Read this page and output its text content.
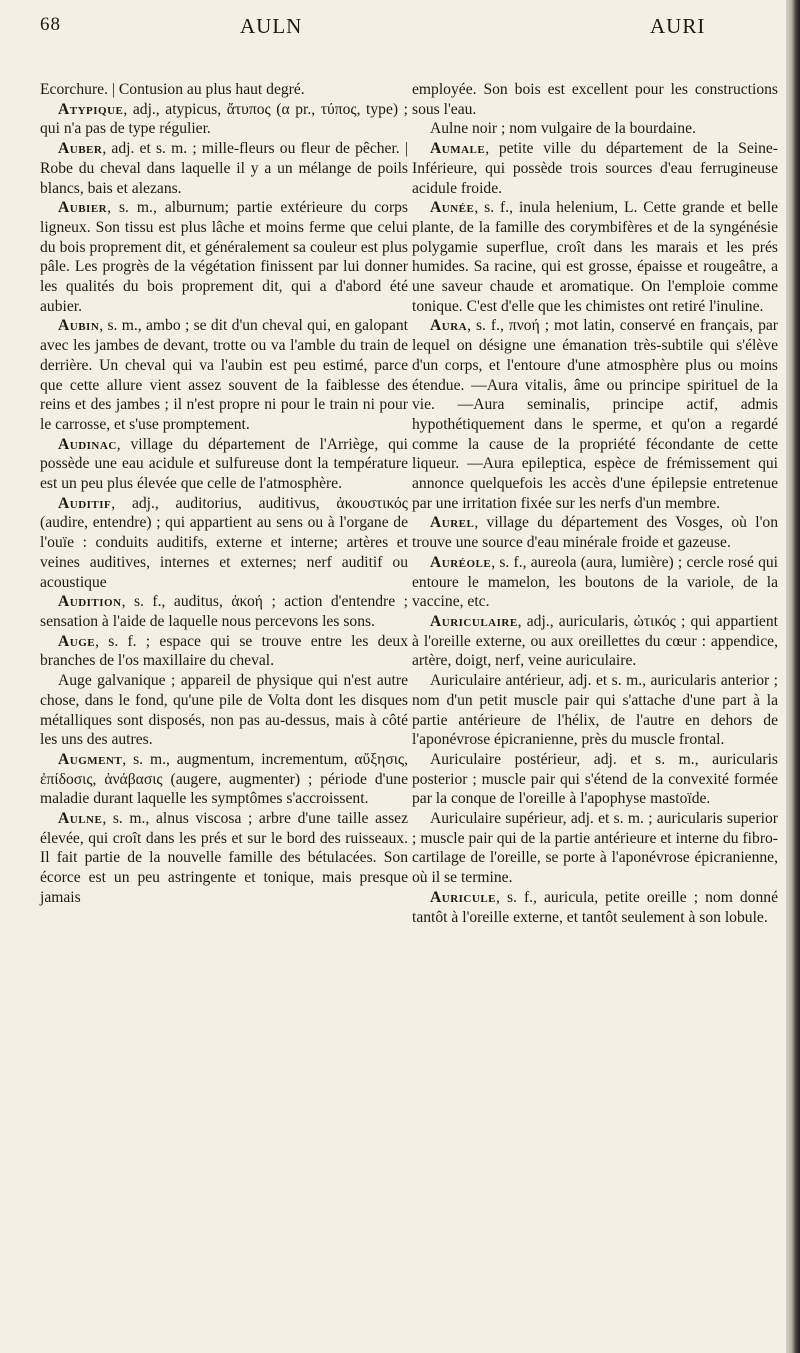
68	AULN	AURI

Ecorchure. | Contusion au plus haut degré.

Atypique, adj., atypicus, ἄτυπος (α pr., τύπος, type) ; qui n'a pas de type régulier.

Auber, adj. et s. m. ; mille-fleurs ou fleur de pêcher. | Robe du cheval dans laquelle il y a un mélange de poils blancs, bais et alezans.

Aubier, s. m., alburnum; partie extérieure du corps ligneux. Son tissu est plus lâche et moins ferme que celui du bois proprement dit, et généralement sa couleur est plus pâle. Les progrès de la végétation finissent par lui donner les qualités du bois proprement dit, qui a d'abord été aubier.

Aubin, s. m., ambo ; se dit d'un cheval qui, en galopant avec les jambes de devant, trotte ou va l'amble du train de derrière. Un cheval qui va l'aubin est peu estimé, parce que cette allure vient assez souvent de la faiblesse des reins et des jambes ; il n'est propre ni pour le train ni pour le carrosse, et s'use promptement.

Audinac, village du département de l'Arriège, qui possède une eau acidule et sulfureuse dont la température est un peu plus élevée que celle de l'atmosphère.

Auditif, adj., auditorius, auditivus, ἀκουστικός (audire, entendre) ; qui appartient au sens ou à l'organe de l'ouïe : conduits auditifs, externe et interne; artères et veines auditives, internes et externes; nerf auditif ou acoustique

Audition, s. f., auditus, ἀκοή ; action d'entendre ; sensation à l'aide de laquelle nous percevons les sons.

Auge, s. f. ; espace qui se trouve entre les deux branches de l'os maxillaire du cheval.

Auge galvanique ; appareil de physique qui n'est autre chose, dans le fond, qu'une pile de Volta dont les disques métalliques sont disposés, non pas au-dessus, mais à côté les uns des autres.

Augment, s. m., augmentum, incrementum, αὔξησις, ἐπίδοσις, ἀνάβασις (augere, augmenter) ; période d'une maladie durant laquelle les symptômes s'accroissent.

Aulne, s. m., alnus viscosa ; arbre d'une taille assez élevée, qui croît dans les prés et sur le bord des ruisseaux. Il fait partie de la nouvelle famille des bétulacées. Son écorce est un peu astringente et tonique, mais presque jamais

employée. Son bois est excellent pour les constructions sous l'eau.

Aulne noir ; nom vulgaire de la bourdaine.

Aumale, petite ville du département de la Seine-Inférieure, qui possède trois sources d'eau ferrugineuse acidule froide.

Aunée, s. f., inula helenium, L. Cette grande et belle plante, de la famille des corymbifères et de la syngénésie polygamie superflue, croît dans les marais et les prés humides. Sa racine, qui est grosse, épaisse et rougeâtre, a une saveur chaude et aromatique. On l'emploie comme tonique. C'est d'elle que les chimistes ont retiré l'inuline.

Aura, s. f., πνοή ; mot latin, conservé en français, par lequel on désigne une émanation très-subtile qui s'élève d'un corps, et l'entoure d'une atmosphère plus ou moins étendue. —Aura vitalis, âme ou principe spirituel de la vie. —Aura seminalis, principe actif, admis hypothétiquement dans le sperme, et qu'on a regardé comme la cause de la propriété fécondante de cette liqueur. —Aura epileptica, espèce de frémissement qui annonce quelquefois les accès d'une épilepsie entretenue par une irritation fixée sur les nerfs d'un membre.

Aurel, village du département des Vosges, où l'on trouve une source d'eau minérale froide et gazeuse.

Auréole, s. f., aureola (aura, lumière) ; cercle rosé qui entoure le mamelon, les boutons de la variole, de la vaccine, etc.

Auriculaire, adj., auricularis, ὠτικός ; qui appartient à l'oreille externe, ou aux oreillettes du cœur : appendice, artère, doigt, nerf, veine auriculaire.

Auriculaire antérieur, adj. et s. m., auricularis anterior ; nom d'un petit muscle pair qui s'attache d'une part à la partie antérieure de l'hélix, de l'autre en dehors de l'aponévrose épicranienne, près du muscle frontal.

Auriculaire postérieur, adj. et s. m., auricularis posterior ; muscle pair qui s'étend de la convexité formée par la conque de l'oreille à l'apophyse mastoïde.

Auriculaire supérieur, adj. et s. m. ; auricularis superior ; muscle pair qui de la partie antérieure et interne du fibro-cartilage de l'oreille, se porte à l'aponévrose épicranienne, où il se termine.

Auricule, s. f., auricula, petite oreille ; nom donné tantôt à l'oreille externe, et tantôt seulement à son lobule.
